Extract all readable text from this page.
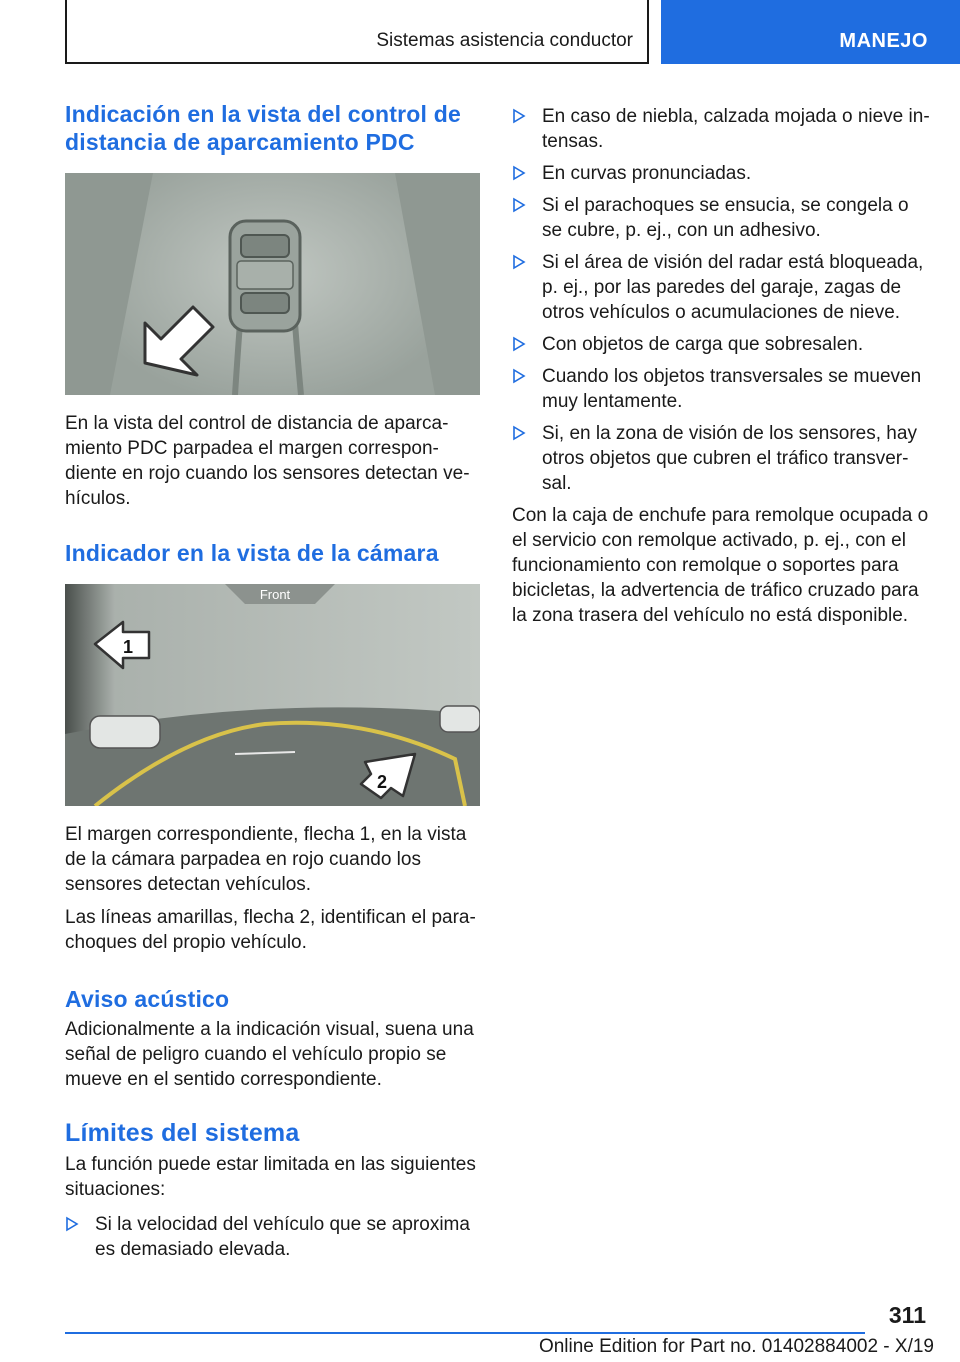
Sistemas asistencia conductor	MANEJO
Indicación en la vista del control de distancia de aparcamiento PDC

En la vista del control de distancia de aparcamiento PDC parpadea el margen correspondiente en rojo cuando los sensores detectan vehículos.

Indicador en la vista de la cámara
Front
1
2

El margen correspondiente, flecha 1, en la vista de la cámara parpadea en rojo cuando los sensores detectan vehículos.

Las líneas amarillas, flecha 2, identifican el parachoques del propio vehículo.

Aviso acústico

Adicionalmente a la indicación visual, suena una señal de peligro cuando el vehículo propio se mueve en el sentido correspondiente.

Límites del sistema

La función puede estar limitada en las siguientes situaciones:

Si la velocidad del vehículo que se aproxima es demasiado elevada.
En caso de niebla, calzada mojada o nieve intensas.
En curvas pronunciadas.
Si el parachoques se ensucia, se congela o se cubre, p. ej., con un adhesivo.
Si el área de visión del radar está bloqueada, p. ej., por las paredes del garaje, zagas de otros vehículos o acumulaciones de nieve.
Con objetos de carga que sobresalen.
Cuando los objetos transversales se mueven muy lentamente.
Si, en la zona de visión de los sensores, hay otros objetos que cubren el tráfico transversal.

Con la caja de enchufe para remolque ocupada o el servicio con remolque activado, p. ej., con el funcionamiento con remolque o soportes para bicicletas, la advertencia de tráfico cruzado para la zona trasera del vehículo no está disponible.

311
Online Edition for Part no. 01402884002 - X/19
